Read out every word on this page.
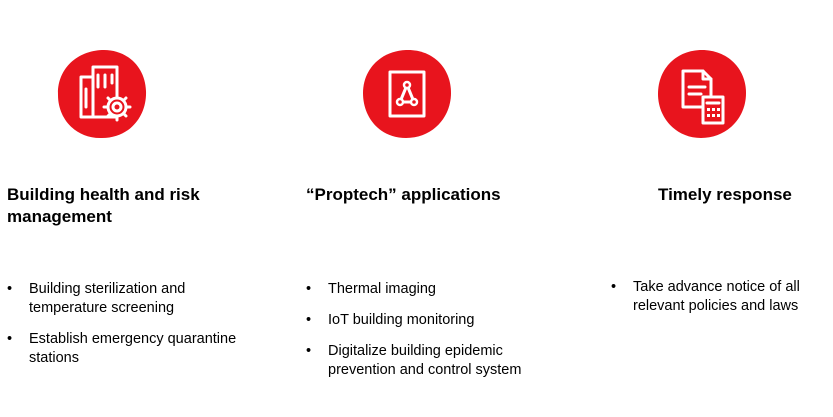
Building health and risk management
• Building sterilization and temperature screening
• Establish emergency quarantine stations
“Proptech” applications
• Thermal imaging
• IoT building monitoring
• Digitalize building epidemic prevention and control system
Timely response
• Take advance notice of all relevant policies and laws
